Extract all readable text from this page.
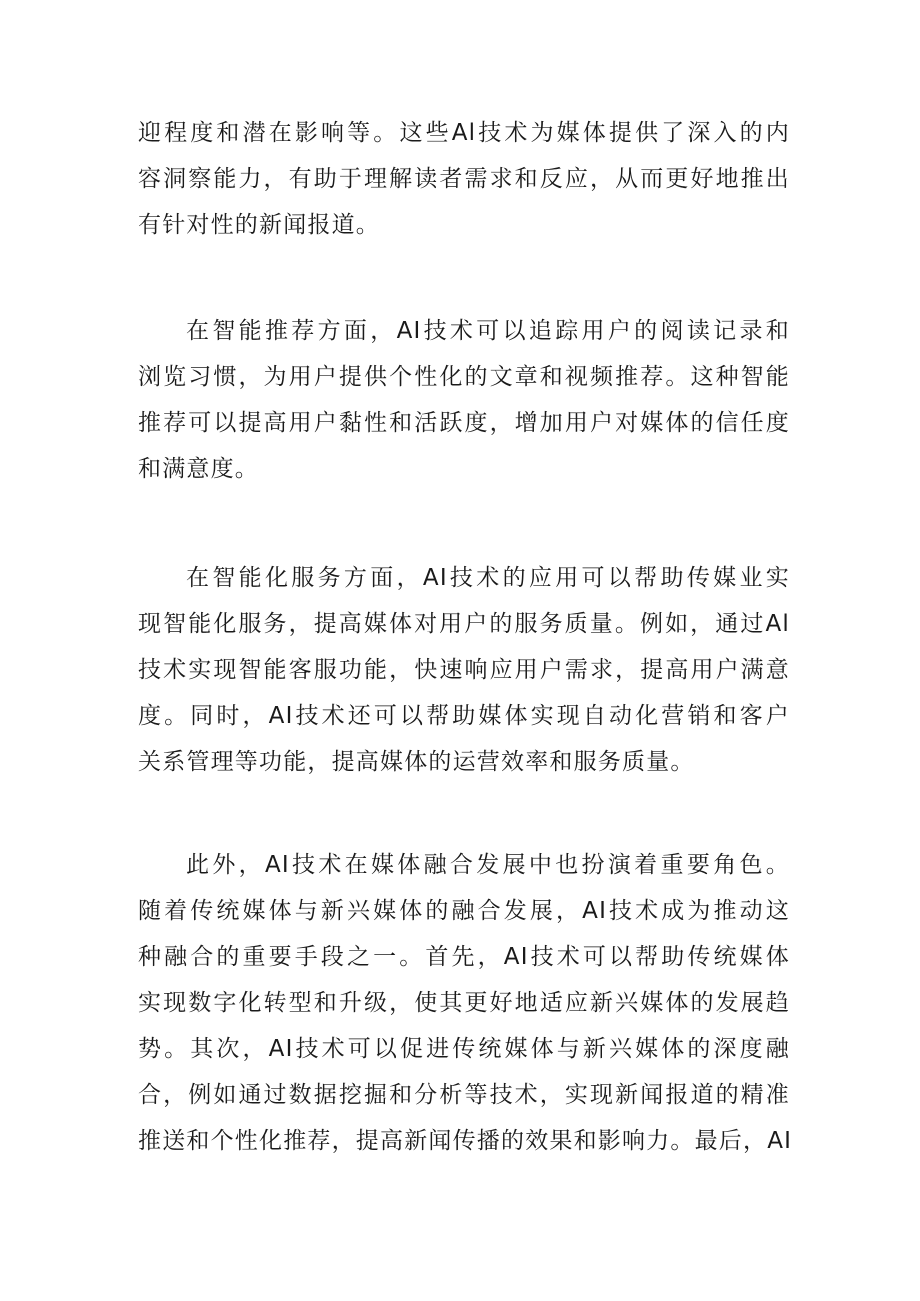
迎程度和潜在影响等。这些Al技术为媒体提供了深入的内
容洞察能力，有助于理解读者需求和反应，从而更好地推出
有针对性的新闻报道。
在智能推荐方面，AI技术可以追踪用户的阅读记录和
浏览习惯，为用户提供个性化的文章和视频推荐。这种智能
推荐可以提高用户黏性和活跃度，增加用户对媒体的信任度
和满意度。
在智能化服务方面，AI技术的应用可以帮助传媒业实
现智能化服务，提高媒体对用户的服务质量。例如，通过Al
技术实现智能客服功能，快速响应用户需求，提高用户满意
度。同时，AI技术还可以帮助媒体实现自动化营销和客户
关系管理等功能，提高媒体的运营效率和服务质量。
此外，AI技术在媒体融合发展中也扮演着重要角色。
随着传统媒体与新兴媒体的融合发展，AI技术成为推动这
种融合的重要手段之一。首先，AI技术可以帮助传统媒体
实现数字化转型和升级，使其更好地适应新兴媒体的发展趋
势。其次，AI技术可以促进传统媒体与新兴媒体的深度融
合，例如通过数据挖掘和分析等技术，实现新闻报道的精准
推送和个性化推荐，提高新闻传播的效果和影响力。最后，AI
